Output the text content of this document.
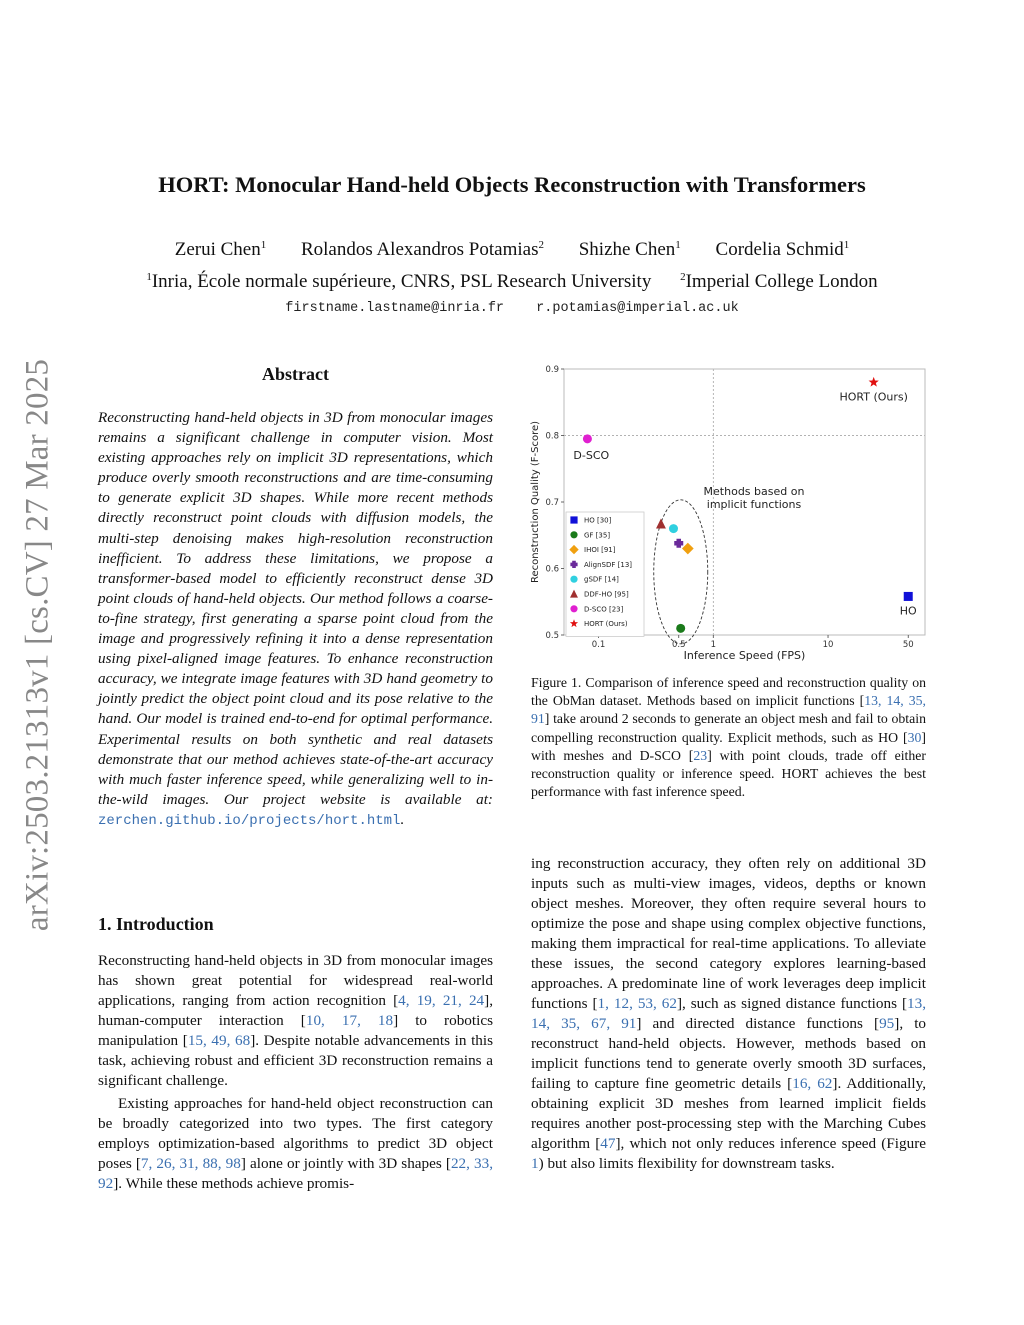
arXiv:2503.21313v1 [cs.CV] 27 Mar 2025
HORT: Monocular Hand-held Objects Reconstruction with Transformers
Zerui Chen$^1$ Rolandos Alexandros Potamias$^2$ Shizhe Chen$^1$ Cordelia Schmid$^1$
$^1$Inria, École normale supérieure, CNRS, PSL Research University	$^2$Imperial College London
firstname.lastname@inria.fr r.potamias@imperial.ac.uk
Abstract
Reconstructing hand-held objects in 3D from monocular images remains a significant challenge in computer vision. Most existing approaches rely on implicit 3D representations, which produce overly smooth reconstructions and are time-consuming to generate explicit 3D shapes. While more recent methods directly reconstruct point clouds with diffusion models, the multi-step denoising makes high-resolution reconstruction inefficient. To address these limitations, we propose a transformer-based model to efficiently reconstruct dense 3D point clouds of hand-held objects. Our method follows a coarse-to-fine strategy, first generating a sparse point cloud from the image and progressively refining it into a dense representation using pixel-aligned image features. To enhance reconstruction accuracy, we integrate image features with 3D hand geometry to jointly predict the object point cloud and its pose relative to the hand. Our model is trained end-to-end for optimal performance. Experimental results on both synthetic and real datasets demonstrate that our method achieves state-of-the-art accuracy with much faster inference speed, while generalizing well to in-the-wild images. Our project website is available at: zerchen.github.io/projects/hort.html.
1. Introduction

Reconstructing hand-held objects in 3D from monocular images has shown great potential for widespread real-world applications, ranging from action recognition [4, 19, 21, 24], human-computer interaction [10, 17, 18] to robotics manipulation [15, 49, 68]. Despite notable advancements in this task, achieving robust and efficient 3D reconstruction remains a significant challenge.

Existing approaches for hand-held object reconstruction can be broadly categorized into two types. The first category employs optimization-based algorithms to predict 3D object poses [7, 26, 31, 88, 98] alone or jointly with 3D shapes [22, 33, 92]. While these methods achieve promis-

0.1	0.5	1	10	50
0.5
0.6
0.7
0.8
0.9
Inference Speed (FPS)
Reconstruction Quality (F-Score)	Methods based on
implicit functions
HO
D-SCO
HORT (Ours)
HO [30]
GF [35]
IHOI [91]
AlignSDF [13]
gSDF [14]
DDF-HO [95]
D-SCO [23]
HORT (Ours)
Figure 1. Comparison of inference speed and reconstruction quality on the ObMan dataset. Methods based on implicit functions [13, 14, 35, 91] take around 2 seconds to generate an object mesh and fail to obtain compelling reconstruction quality. Explicit methods, such as HO [30] with meshes and D-SCO [23] with point clouds, trade off either reconstruction quality or inference speed. HORT achieves the best performance with fast inference speed.

ing reconstruction accuracy, they often rely on additional 3D inputs such as multi-view images, videos, depths or known object meshes. Moreover, they often require several hours to optimize the pose and shape using complex objective functions, making them impractical for real-time applications. To alleviate these issues, the second category explores learning-based approaches. A predominate line of work leverages deep implicit functions [1, 12, 53, 62], such as signed distance functions [13, 14, 35, 67, 91] and directed distance functions [95], to reconstruct hand-held objects. However, methods based on implicit functions tend to generate overly smooth 3D surfaces, failing to capture fine geometric details [16, 62]. Additionally, obtaining explicit 3D meshes from learned implicit fields requires another post-processing step with the Marching Cubes algorithm [47], which not only reduces inference speed (Figure 1) but also limits flexibility for downstream tasks.
